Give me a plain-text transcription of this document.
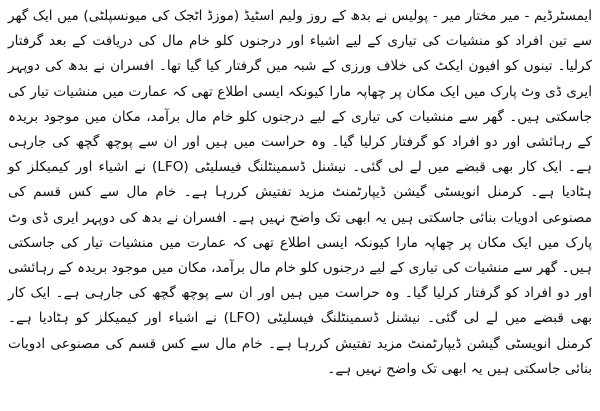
ایمسٹرڈیم - میر مختار میر - پولیس نے بدھ کے روز ولیم اسٹیڈ (موزڈ اٹجک کی میونسپلٹی) میں ایک گھر سے تین افراد کو منشیات کی تیاری کے لیے اشیاء اور درجنوں کلو خام مال کی دریافت کے بعد گرفتار کرلیا۔ تینوں کو افیون ایکٹ کی خلاف ورزی کے شبہ میں گرفتار کیا گیا تھا۔ افسران نے بدھ کی دوپہر ایری ڈی وٹ پارک میں ایک مکان پر چھاپہ مارا کیونکہ ایسی اطلاع تھی کہ عمارت میں منشیات تیار کی جاسکتی ہیں۔ گھر سے منشیات کی تیاری کے لیے درجنوں کلو خام مال برآمد، مکان میں موجود بریدہ کے رہائشی اور دو افراد کو گرفتار کرلیا گیا۔ وہ حراست میں ہیں اور ان سے پوچھ گچھ کی جارہی ہے۔ ایک کار بھی قبضے میں لے لی گئی۔ نیشنل ڈسمینٹلنگ فیسلیٹی (LFO) نے اشیاء اور کیمیکلز کو ہٹادیا ہے۔ کرمنل انویسٹی گیشن ڈیپارٹمنٹ مزید تفتیش کررہا ہے۔ خام مال سے کس قسم کی مصنوعی ادویات بنائی جاسکتی ہیں یہ ابھی تک واضح نہیں ہے۔ افسران نے بدھ کی دوپہر ایری ڈی وٹ پارک میں ایک مکان پر چھاپہ مارا کیونکہ ایسی اطلاع تھی کہ عمارت میں منشیات تیار کی جاسکتی ہیں۔ گھر سے منشیات کی تیاری کے لیے درجنوں کلو خام مال برآمد، مکان میں موجود بریدہ کے رہائشی اور دو افراد کو گرفتار کرلیا گیا۔ وہ حراست میں ہیں اور ان سے پوچھ گچھ کی جارہی ہے۔ ایک کار بھی قبضے میں لے لی گئی۔ نیشنل ڈسمینٹلنگ فیسلیٹی (LFO) نے اشیاء اور کیمیکلز کو ہٹادیا ہے۔ کرمنل انویسٹی گیشن ڈیپارٹمنٹ مزید تفتیش کررہا ہے۔ خام مال سے کس قسم کی مصنوعی ادویات بنائی جاسکتی ہیں یہ ابھی تک واضح نہیں ہے۔
